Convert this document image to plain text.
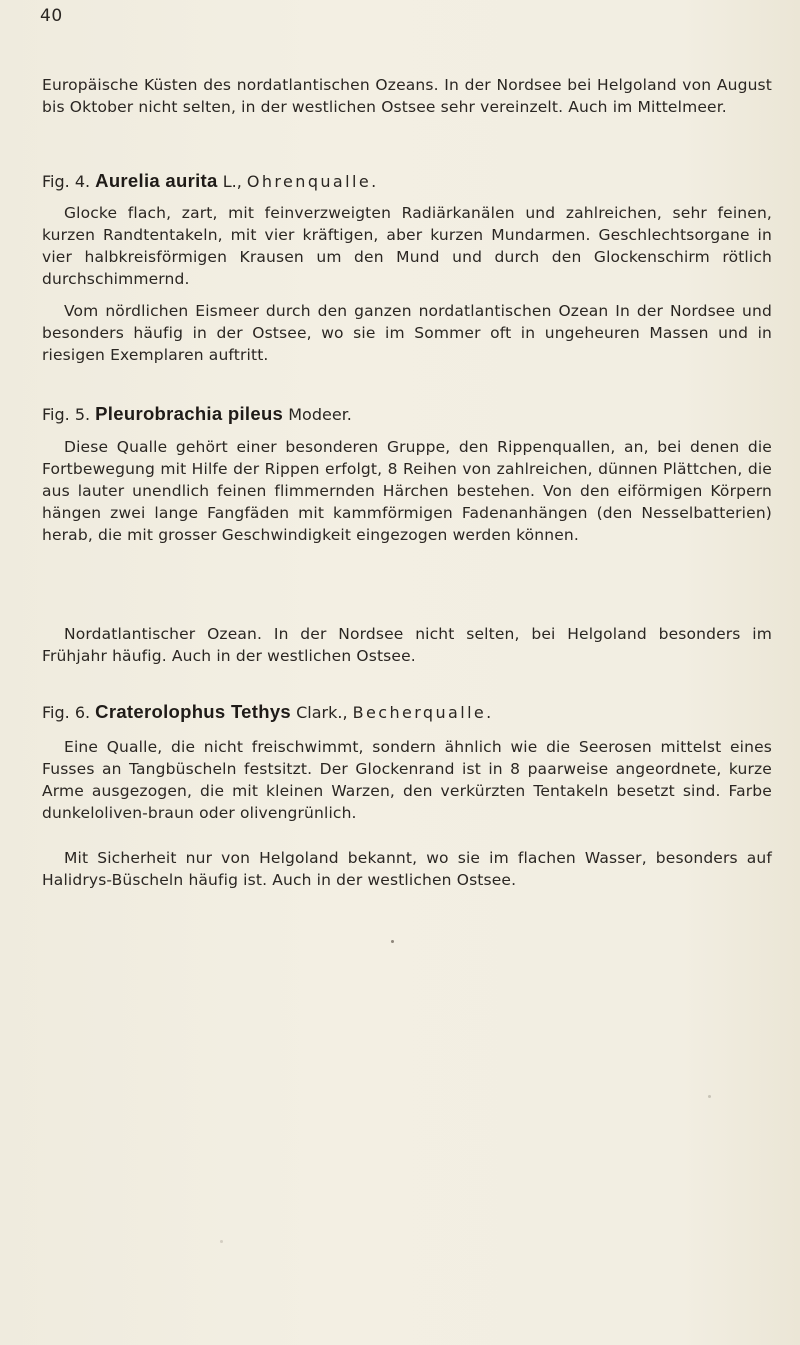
40
Europäische Küsten des nordatlantischen Ozeans. In der Nordsee bei Helgoland von August bis Oktober nicht selten, in der westlichen Ostsee sehr vereinzelt. Auch im Mittelmeer.
Fig. 4. Aurelia aurita L., Ohrenqualle.
Glocke flach, zart, mit feinverzweigten Radiärkanälen und zahlreichen, sehr feinen, kurzen Randtentakeln, mit vier kräftigen, aber kurzen Mundarmen. Geschlechtsorgane in vier halbkreisförmigen Krausen um den Mund und durch den Glockenschirm rötlich durchschimmernd.
Vom nördlichen Eismeer durch den ganzen nordatlantischen Ozean In der Nordsee und besonders häufig in der Ostsee, wo sie im Sommer oft in ungeheuren Massen und in riesigen Exemplaren auftritt.
Fig. 5. Pleurobrachia pileus Modeer.
Diese Qualle gehört einer besonderen Gruppe, den Rippenquallen, an, bei denen die Fortbewegung mit Hilfe der Rippen erfolgt, 8 Reihen von zahlreichen, dünnen Plättchen, die aus lauter unendlich feinen flimmernden Härchen bestehen. Von den eiförmigen Körpern hängen zwei lange Fangfäden mit kammförmigen Fadenanhängen (den Nesselbatterien) herab, die mit grosser Geschwindigkeit eingezogen werden können.
Nordatlantischer Ozean. In der Nordsee nicht selten, bei Helgoland besonders im Frühjahr häufig. Auch in der westlichen Ostsee.
Fig. 6. Craterolophus Tethys Clark., Becherqualle.
Eine Qualle, die nicht freischwimmt, sondern ähnlich wie die Seerosen mittelst eines Fusses an Tangbüscheln festsitzt. Der Glockenrand ist in 8 paarweise angeordnete, kurze Arme ausgezogen, die mit kleinen Warzen, den verkürzten Tentakeln besetzt sind. Farbe dunkeloliven-braun oder olivengrünlich.
Mit Sicherheit nur von Helgoland bekannt, wo sie im flachen Wasser, besonders auf Halidrys-Büscheln häufig ist. Auch in der westlichen Ostsee.
